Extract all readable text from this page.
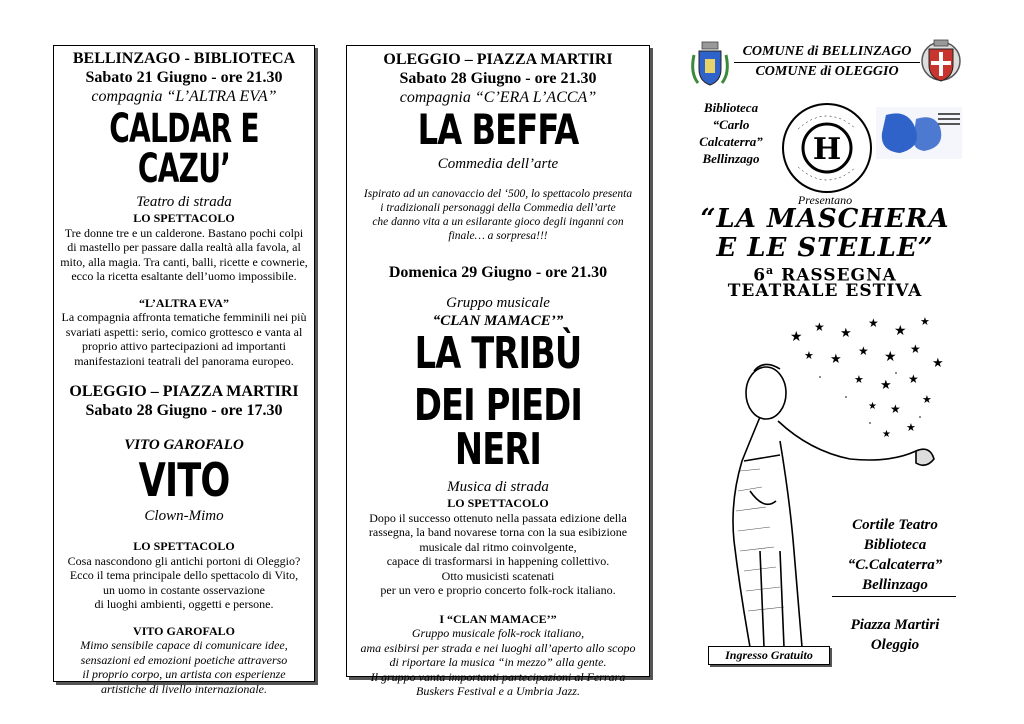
BELLINZAGO - BIBLIOTECA
Sabato 21 Giugno - ore 21.30
compagnia “L’ALTRA EVA”
CALDAR E CAZU’
Teatro di strada
LO SPETTACOLO
Tre donne tre e un calderone. Bastano pochi colpi
di mastello per passare dalla realtà alla favola, al
mito, alla magia. Tra canti, balli, ricette e cownerie,
ecco la ricetta esaltante dell’uomo impossibile.
“L’ALTRA EVA”
La compagnia affronta tematiche femminili nei più
svariati aspetti: serio, comico grottesco e vanta al
proprio attivo partecipazioni ad importanti
manifestazioni teatrali del panorama europeo.
OLEGGIO – PIAZZA MARTIRI
Sabato 28 Giugno - ore 17.30
VITO GAROFALO
VITO
Clown-Mimo
LO SPETTACOLO
Cosa nascondono gli antichi portoni di Oleggio?
Ecco il tema principale dello spettacolo di Vito,
un uomo in costante osservazione
di luoghi ambienti, oggetti e persone.
VITO GAROFALO
Mimo sensibile capace di comunicare idee,
sensazioni ed emozioni poetiche attraverso
il proprio corpo, un artista con esperienze
artistiche di livello internazionale.
OLEGGIO – PIAZZA MARTIRI
Sabato 28 Giugno - ore 21.30
compagnia “C’ERA L’ACCA”
LA BEFFA
Commedia dell’arte
Ispirato ad un canovaccio del ‘500, lo spettacolo presenta
i tradizionali personaggi della Commedia dell’arte
che danno vita a un esilarante gioco degli inganni con
finale… a sorpresa!!!
Domenica 29 Giugno - ore 21.30
Gruppo musicale
“CLAN MAMACE’”
LA TRIBÙ
DEI PIEDI NERI
Musica di strada
LO SPETTACOLO
Dopo il successo ottenuto nella passata edizione della
rassegna, la band novarese torna con la sua esibizione
musicale dal ritmo coinvolgente,
capace di trasformarsi in happening collettivo.
Otto musicisti scatenati
per un vero e proprio concerto folk-rock italiano.
I “CLAN MAMACE’”
Gruppo musicale folk-rock italiano,
ama esibirsi per strada e nei luoghi all’aperto allo scopo
di riportare la musica “in mezzo” alla gente.
Il gruppo vanta importanti partecipazioni al Ferrara
Buskers Festival e a Umbria Jazz.
COMUNE di BELLINZAGO
COMUNE di OLEGGIO
Biblioteca
“Carlo
Calcaterra”
Bellinzago	H
Presentano
“LA MASCHERA
E LE STELLE”
6$^a$ RASSEGNA
TEATRALE ESTIVA
★
★ ★
★
★
★
★ ★ ★ ★
★
★
★ ★ ★
★
★
★
★
★
Cortile Teatro
Biblioteca
“C.Calcaterra”
Bellinzago
Piazza Martiri
Oleggio
Ingresso Gratuito
